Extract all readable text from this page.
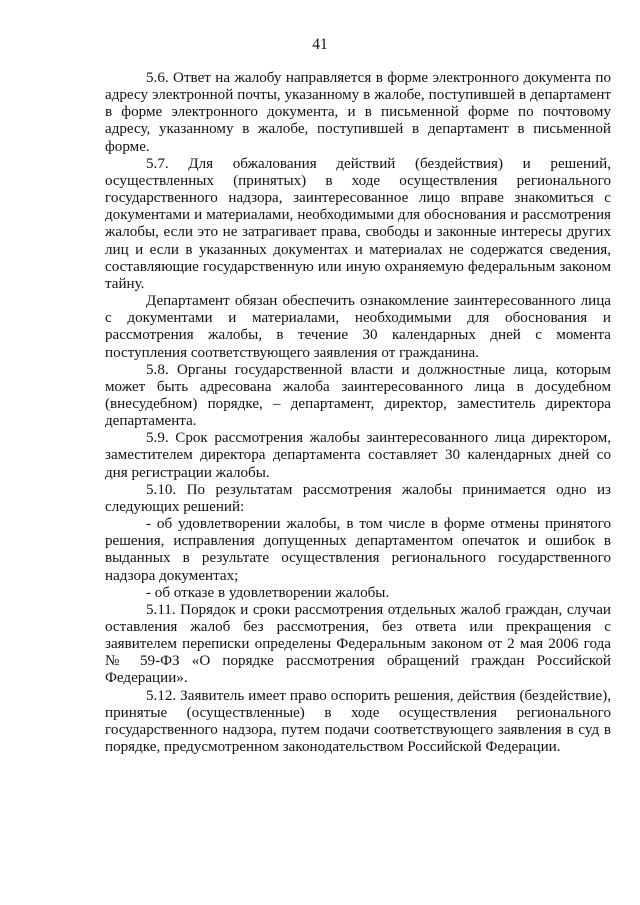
41

5.6. Ответ на жалобу направляется в форме электронного документа по адресу электронной почты, указанному в жалобе, поступившей в департамент в форме электронного документа, и в письменной форме по почтовому адресу, указанному в жалобе, поступившей в департамент в письменной форме.

5.7. Для обжалования действий (бездействия) и решений, осуществленных (принятых) в ходе осуществления регионального государственного надзора, заинтересованное лицо вправе знакомиться с документами и материалами, необходимыми для обоснования и рассмотрения жалобы, если это не затрагивает права, свободы и законные интересы других лиц и если в указанных документах и материалах не содержатся сведения, составляющие государственную или иную охраняемую федеральным законом тайну.

Департамент обязан обеспечить ознакомление заинтересованного лица с документами и материалами, необходимыми для обоснования и рассмотрения жалобы, в течение 30 календарных дней с момента поступления соответствующего заявления от гражданина.

5.8. Органы государственной власти и должностные лица, которым может быть адресована жалоба заинтересованного лица в досудебном (внесудебном) порядке, – департамент, директор, заместитель директора департамента.

5.9. Срок рассмотрения жалобы заинтересованного лица директором, заместителем директора департамента составляет 30 календарных дней со дня регистрации жалобы.

5.10. По результатам рассмотрения жалобы принимается одно из следующих решений:

- об удовлетворении жалобы, в том числе в форме отмены принятого решения, исправления допущенных департаментом опечаток и ошибок в выданных в результате осуществления регионального государственного надзора документах;

- об отказе в удовлетворении жалобы.

5.11. Порядок и сроки рассмотрения отдельных жалоб граждан, случаи оставления жалоб без рассмотрения, без ответа или прекращения с заявителем переписки определены Федеральным законом от 2 мая 2006 года № 59-ФЗ «О порядке рассмотрения обращений граждан Российской Федерации».

5.12. Заявитель имеет право оспорить решения, действия (бездействие), принятые (осуществленные) в ходе осуществления регионального государственного надзора, путем подачи соответствующего заявления в суд в порядке, предусмотренном законодательством Российской Федерации.
